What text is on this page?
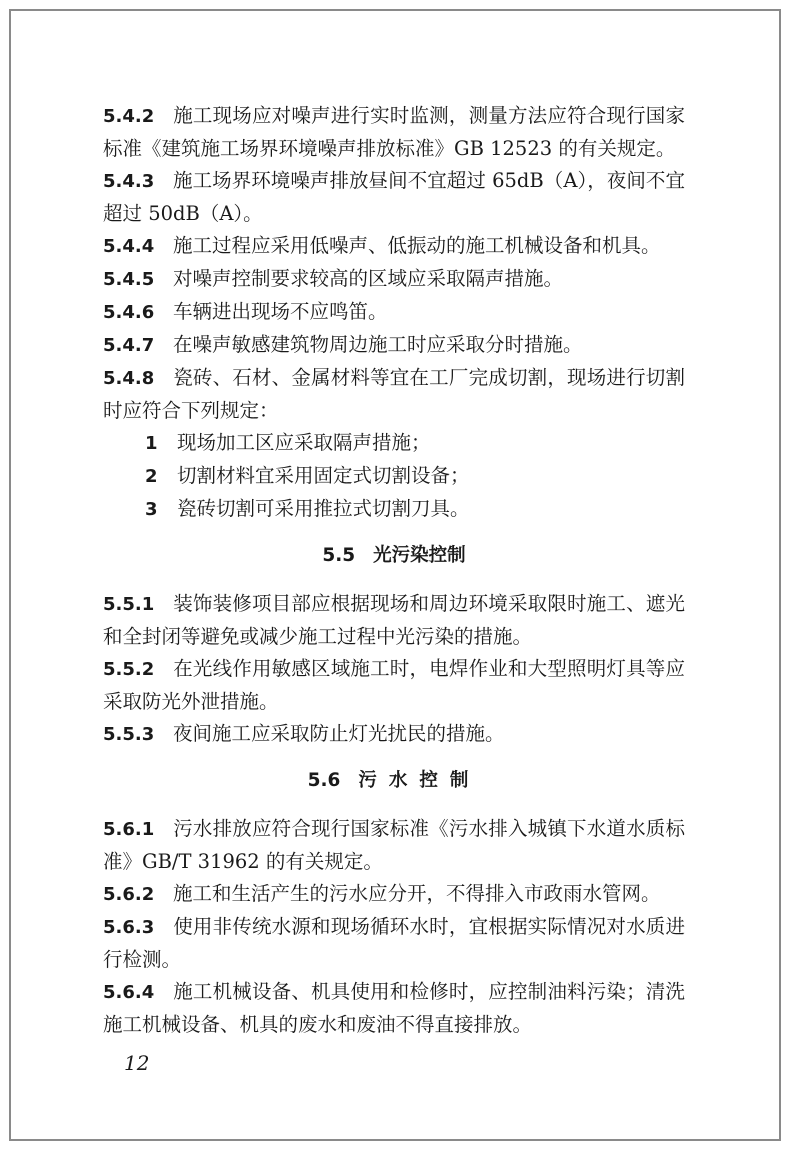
5.4.2 施工现场应对噪声进行实时监测，测量方法应符合现行国家标准《建筑施工场界环境噪声排放标准》GB 12523 的有关规定。

5.4.3 施工场界环境噪声排放昼间不宜超过 65dB（A），夜间不宜超过 50dB（A）。

5.4.4 施工过程应采用低噪声、低振动的施工机械设备和机具。

5.4.5 对噪声控制要求较高的区域应采取隔声措施。

5.4.6 车辆进出现场不应鸣笛。

5.4.7 在噪声敏感建筑物周边施工时应采取分时措施。

5.4.8 瓷砖、石材、金属材料等宜在工厂完成切割，现场进行切割时应符合下列规定：

1 现场加工区应采取隔声措施；

2 切割材料宜采用固定式切割设备；

3 瓷砖切割可采用推拉式切割刀具。

5.5 光污染控制

5.5.1 装饰装修项目部应根据现场和周边环境采取限时施工、遮光和全封闭等避免或减少施工过程中光污染的措施。

5.5.2 在光线作用敏感区域施工时，电焊作业和大型照明灯具等应采取防光外泄措施。

5.5.3 夜间施工应采取防止灯光扰民的措施。

5.6 污水控制

5.6.1 污水排放应符合现行国家标准《污水排入城镇下水道水质标准》GB/T 31962 的有关规定。

5.6.2 施工和生活产生的污水应分开，不得排入市政雨水管网。

5.6.3 使用非传统水源和现场循环水时，宜根据实际情况对水质进行检测。

5.6.4 施工机械设备、机具使用和检修时，应控制油料污染；清洗施工机械设备、机具的废水和废油不得直接排放。

12
